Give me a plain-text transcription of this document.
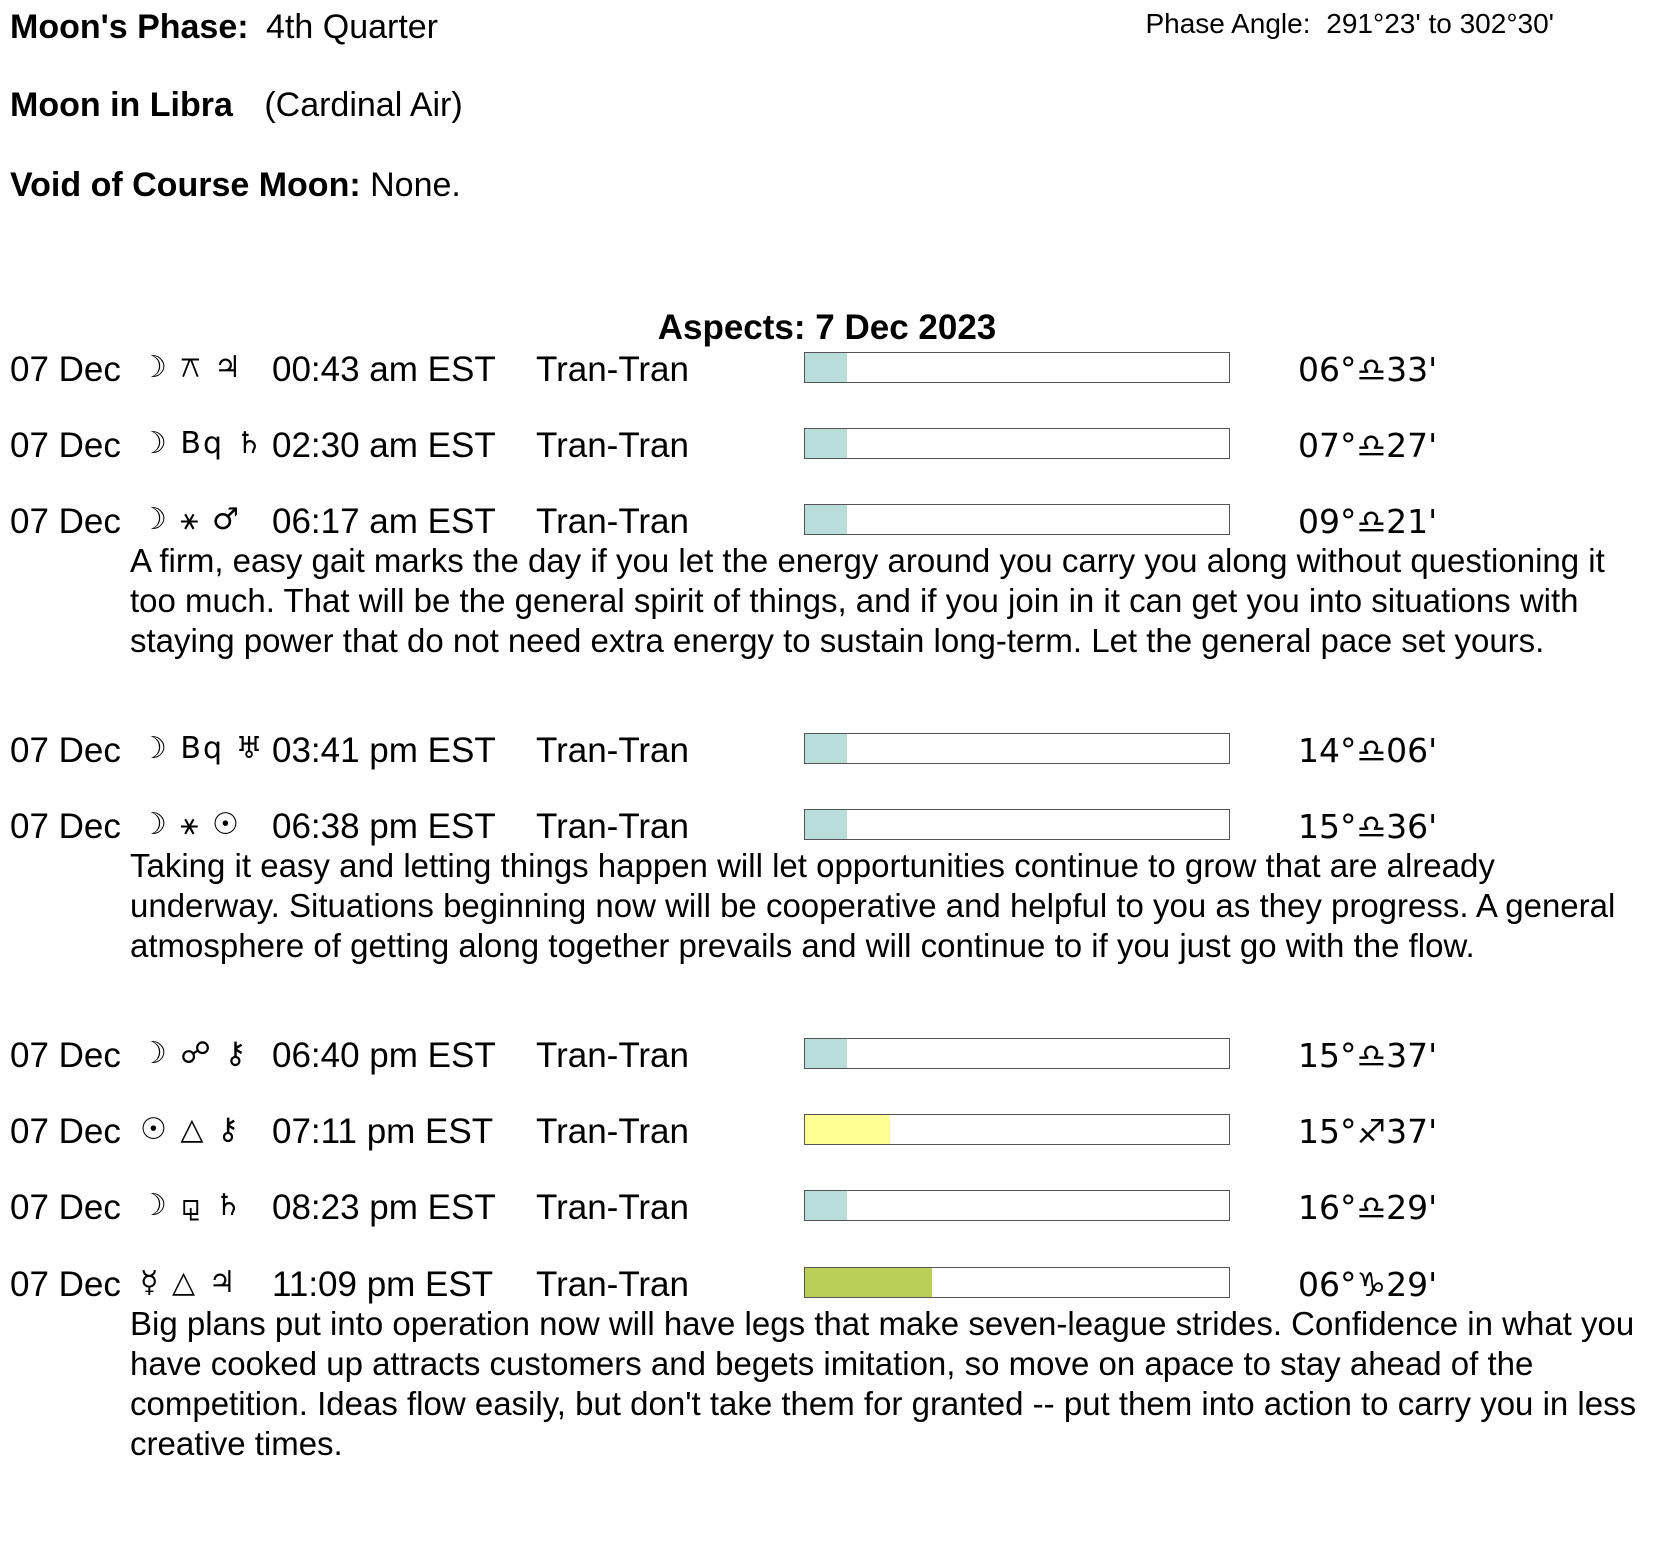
Moon's Phase: 4th Quarter	Phase Angle: 291°23' to 302°30'
Moon in Libra (Cardinal Air)
Void of Course Moon: None.
Aspects: 7 Dec 2023
07 Dec ☽ ⚻ ♃ 00:43 am EST Tran-Tran	06°♎33'
07 Dec ☽ Bq ♄ 02:30 am EST Tran-Tran	07°♎27'
07 Dec ☽ ⚹ ♂ 06:17 am EST Tran-Tran	09°♎21'
A firm, easy gait marks the day if you let the energy around you carry you along without questioning it too much. That will be the general spirit of things, and if you join in it can get you into situations with staying power that do not need extra energy to sustain long-term. Let the general pace set yours.
07 Dec ☽ Bq ♅ 03:41 pm EST Tran-Tran	14°♎06'
07 Dec ☽ ⚹ ☉ 06:38 pm EST Tran-Tran	15°♎36'
Taking it easy and letting things happen will let opportunities continue to grow that are already underway. Situations beginning now will be cooperative and helpful to you as they progress. A general atmosphere of getting along together prevails and will continue to if you just go with the flow.
07 Dec ☽ ☍ ⚷ 06:40 pm EST Tran-Tran	15°♎37'
07 Dec ☉ △ ⚷ 07:11 pm EST Tran-Tran	15°♐37'
07 Dec ☽ ⚼ ♄ 08:23 pm EST Tran-Tran	16°♎29'
07 Dec ☿ △ ♃ 11:09 pm EST Tran-Tran	06°♑29'
Big plans put into operation now will have legs that make seven-league strides. Confidence in what you have cooked up attracts customers and begets imitation, so move on apace to stay ahead of the competition. Ideas flow easily, but don't take them for granted -- put them into action to carry you in less creative times.
